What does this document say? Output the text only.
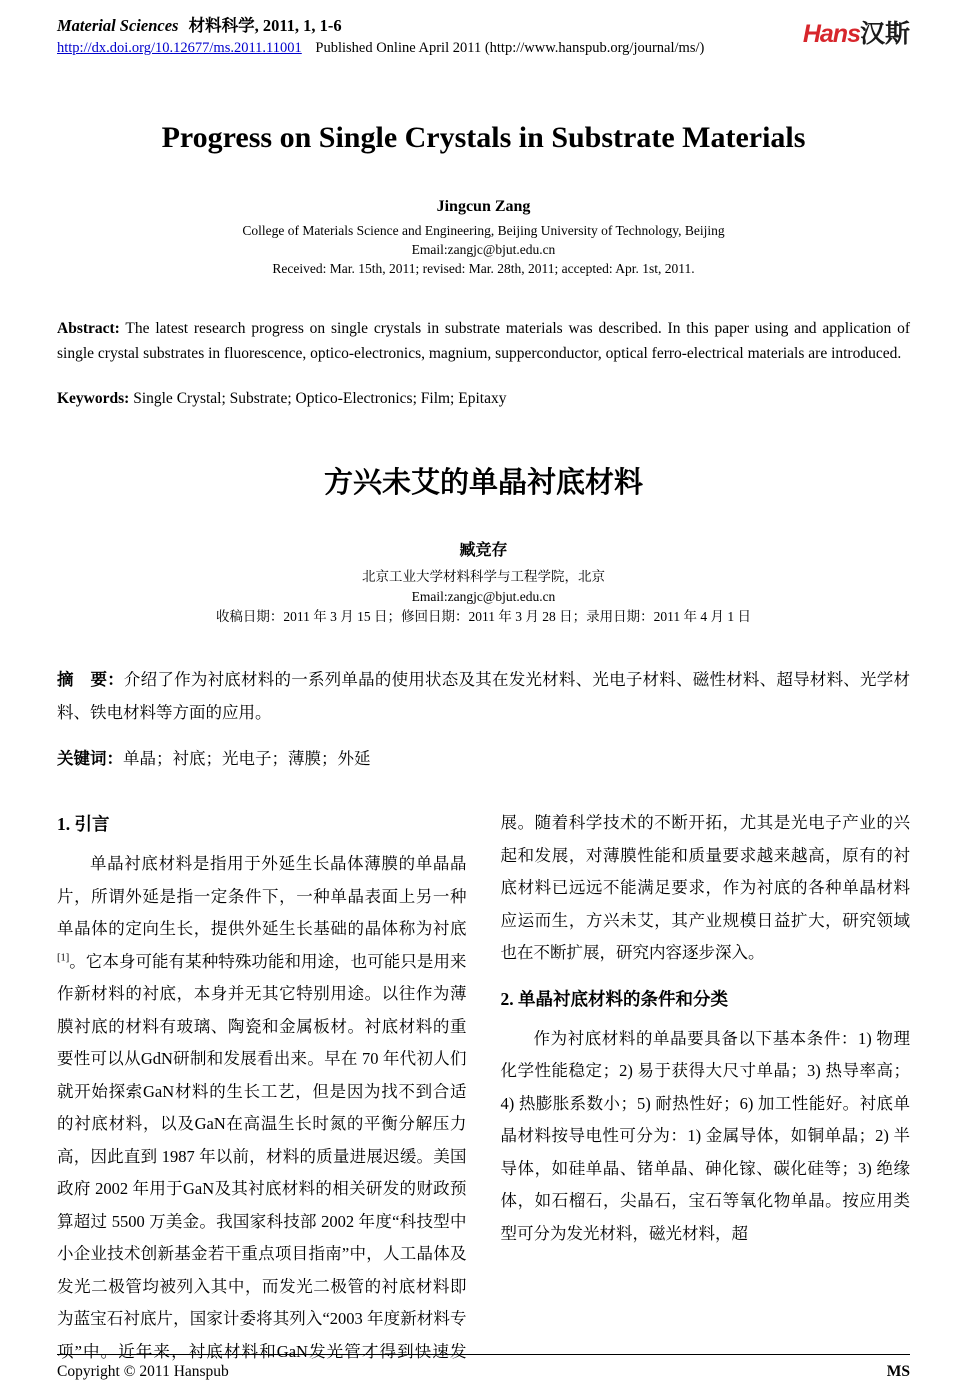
Material Sciences 材料科学, 2011, 1, 1-6
http://dx.doi.org/10.12677/ms.2011.11001 Published Online April 2011 (http://www.hanspub.org/journal/ms/)	Hans汉斯
Progress on Single Crystals in Substrate Materials
Jingcun Zang
College of Materials Science and Engineering, Beijing University of Technology, Beijing
Email:zangjc@bjut.edu.cn
Received: Mar. 15th, 2011; revised: Mar. 28th, 2011; accepted: Apr. 1st, 2011.

Abstract: The latest research progress on single crystals in substrate materials was described. In this paper using and application of single crystal substrates in fluorescence, optico-electronics, magnium, supperconductor, optical ferro-electrical materials are introduced.

Keywords: Single Crystal; Substrate; Optico-Electronics; Film; Epitaxy

方兴未艾的单晶衬底材料
臧竞存
北京工业大学材料科学与工程学院，北京
Email:zangjc@bjut.edu.cn
收稿日期：2011 年 3 月 15 日；修回日期：2011 年 3 月 28 日；录用日期：2011 年 4 月 1 日

摘　要：介绍了作为衬底材料的一系列单晶的使用状态及其在发光材料、光电子材料、磁性材料、超导材料、光学材料、铁电材料等方面的应用。

关键词：单晶；衬底；光电子；薄膜；外延

1. 引言

单晶衬底材料是指用于外延生长晶体薄膜的单晶晶片，所谓外延是指一定条件下，一种单晶表面上另一种单晶体的定向生长，提供外延生长基础的晶体称为衬底[1]。它本身可能有某种特殊功能和用途，也可能只是用来作新材料的衬底，本身并无其它特别用途。以往作为薄膜衬底的材料有玻璃、陶瓷和金属板材。衬底材料的重要性可以从GdN研制和发展看出来。早在 70 年代初人们就开始探索GaN材料的生长工艺，但是因为找不到合适的衬底材料，以及GaN在高温生长时氮的平衡分解压力高，因此直到 1987 年以前，材料的质量进展迟缓。美国政府 2002 年用于GaN及其衬底材料的相关研发的财政预算超过 5500 万美金。我国家科技部 2002 年度“科技型中小企业技术创新基金若干重点项目指南”中，人工晶体及发光二极管均被列入其中，而发光二极管的衬底材料即为蓝宝石衬底片，国家计委将其列入“2003 年度新材料专项”中。近年来，衬底材料和GaN发光管才得到快速发展。随着科学技术的不断开拓，尤其是光电子产业的兴起和发展，对薄膜性能和质量要求越来越高，原有的衬底材料已远远不能满足要求，作为衬底的各种单晶材料应运而生，方兴未艾，其产业规模日益扩大，研究领域也在不断扩展，研究内容逐步深入。

2. 单晶衬底材料的条件和分类

作为衬底材料的单晶要具备以下基本条件：1) 物理化学性能稳定；2) 易于获得大尺寸单晶；3) 热导率高；4) 热膨胀系数小；5) 耐热性好；6) 加工性能好。衬底单晶材料按导电性可分为：1) 金属导体，如铜单晶；2) 半导体，如硅单晶、锗单晶、砷化镓、碳化硅等；3) 绝缘体，如石榴石，尖晶石，宝石等氧化物单晶。按应用类型可分为发光材料，磁光材料，超

Copyright © 2011 Hanspub	MS
